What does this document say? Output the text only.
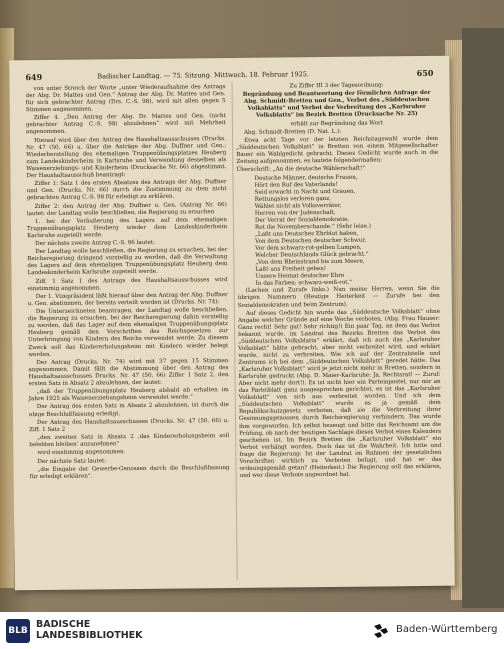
649	Badischer Landtag. — 75. Sitzung. Mittwoch, 18. Februar 1925.	650

von unter Streich der Worte „unter Wiederaufnahme des Antrags der Abg. Dr. Mattes und Gen.“ Antrag der Abg. Dr. Mattes und Gen. für sich gebrachter Antrag (Drs. C.-S. 98), wird mit allen gegen 5 Stimmen angenommen.

Ziffer 4. „Den Antrag der Abg. Dr. Mattes und Gen. (nicht gebrachter Antrag C.-S. 98) abzulehnen“ wird mit Mehrheit angenommen.

Hierauf wird über den Antrag des Haushaltsausschusses (Drucks. Nr. 47 (50, 66) u. über die Anträge der Abg. Duffner und Gen.: Wiederherstellung des ehemaligen Truppenübungsplatzes Heuberg zum Landeskinderheim in Karlsruhe und Verwendung desselben als Waisenerziehungs- und Kinderheim (Drucksache Nr. 66) abgestimmt. Der Haushaltsausschuß beantragt:

Ziffer 1: Satz 1 des ersten Absatzes des Antrags der Abg. Duffner und Gen. (Drucks. Nr. 66) durch die Zustimmung zu dem nicht gebrachten Antrag C.-S. 98 für erledigt zu erklären.

Ziffer 2: den Antrag der Abg. Duffner u. Gen. (Antrag Nr. 66) lautet: der Landtag wolle beschließen, die Regierung zu ersuchen

1. bei der Veräußerung des Lagers auf dem ehemaligen Truppenübungsplatz Heuberg wieder dem Landeskinderheim Karlsruhe zugeteilt werde.

Der nächste zweite Antrag C.-S. 96 lautet:

Der Landtag wolle beschließen, die Regierung zu ersuchen, bei der Reichsregierung dringend vorstellig zu werden, daß die Verwaltung des Lagers auf dem ehemaligen Truppenübungsplatz Heuberg dem Landeskinderheim Karlsruhe zugeteilt werde.

Ziff. 1 Satz 1 des Antrags des Haushaltsausschusses wird einstimmig angenommen.

Der 1. Vizepräsident läßt hierauf über den Antrag der Abg. Duffner u. Gen. abstimmen, der bereits verteilt worden ist (Drucks. Nr. 74):

Die Unterzeichneten beantragen, der Landtag wolle beschließen, die Regierung zu ersuchen, bei der Reichsregierung dahin vorstellig zu werden, daß das Lager auf dem ehemaligen Truppenübungsplatz Heuberg gemäß den Vorschriften des Reichsgesetzes zur Unterbringung von Kindern des Reichs verwendet werde. Zu diesem Zweck soll das Kindererholungsheim mit Kindern wieder belegt werden.

Der Antrag (Drucks. Nr. 74) wird mit 37 gegen 15 Stimmen angenommen. Damit fällt die Abstimmung über den Antrag des Haushaltsausschusses Drucks. Nr. 47 (50, 66) Ziffer 1 Satz 2, den ersten Satz in Absatz 2 abzulehnen, der lautet:

„daß der Truppenübungsplatz Heuberg alsbald ab erhalten im Jahre 1925 als Waisenerziehungsheim verwendet werde.“

Der Antrag des ersten Satz in Absatz 2 abzulehnen, ist durch die obige Beschlußfassung erledigt.

Der Antrag des Haushaltsausschusses (Drucks. Nr. 47 (50, 66) u. Ziff. 1 Satz 2

„den zweiten Satz in Absatz 2 ‚das Kindererholungsheim soll belebten bleiben‘ anzunehmen“

wird einstimmig angenommen.

Der nächste Satz lautet:

„die Eingabe der Gewerbe-Genossen durch die Beschlußfassung für erledigt erklären“.

Zu Ziffer III 3 der Tagesordnung:

Begründung und Beantwortung der förmlichen Anfrage der Abg. Schmidt-Bretten und Gen., Verbot des „Süddeutschen Volksblatts“ und Verbot der Verbreitung des „Karlsruher Volksblatts“ im Bezirk Bretten (Drucksache Nr. 25)

erhält zur Begründung das Wort

Abg. Schmidt-Bretten (D. Nat. L.):

Etwa acht Tage vor der letzten Reichstagswahl wurde dem „Süddeutschen Volksblatt“ in Bretten von einem Mitgesellschafter Bauer ein Wahlgedicht gebracht. Dieses Gedicht wurde auch in die Zeitung aufgenommen, es lautete folgendermaßen:

Überschrift: „An die deutsche Wählerschaft!“

Deutsche Männer, deutsche Frauen,

Hört den Ruf des Vaterlands!

Seid erwacht in Nacht und Grauen,

Rettungslos verloren ganz,

Wählet nicht als Volksverräter,

Herren von der Judenschaft,

Der Verrat der Sozialdemokratie,

Rot die Novemberschande.“ (Sehr leise.)

„Laßt uns Deutsches Ehrblut haben,

Von dem Deutschen deutscher Schwur,

Vor dem schwarz-rot-gelben Lumpen,

Welcher Deutschlands Glück gebracht.“

„Von dem Rheinstrand bis zum Meere,

Laßt uns Freiheit geben!

Unsere Heimat deutscher Ehre

In das Farben: schwarz-weiß-rot.“

(Lachen und Zurufe links.) Nun meine Herren, wenn Sie die übrigen Nummern (Heutige Heiterkeit — Zurufe bei den Sozialdemokraten und beim Zentrum).

Auf dieses Gedicht hin wurde das „Süddeutsche Volksblatt“ ohne Angabe welcher Gründe auf eine Woche verboten. (Abg. Frau Hauser: Ganz recht! Sehr gut! Sehr richtig!) Ein paar Tag, an dem das Verbot bekannt wurde, im Landrat des Bezirks Bretten das Verbot des „Süddeutschen Volksblatts“ erklärt, daß ich auch das „Karlsruher Volksblatt“ hätte gebracht, aber nicht verbreitet wird, und erklärt wurde, nicht zu verbreiten. Wie ich auf der Zentralstelle und Zentrums ich bei dem „Süddeutschen Volksblatt“ geredet hätte. Das „Karlsruher Volksblatt“ wird je jetzt nicht mehr in Bretten, sondern in Karlsruhe gedruckt (Abg. D. Maier-Karlsruhe: Ja, Rechtsrat! — Zuruf: Aber nicht mehr dort!). Es ist nicht hier ein Parteiapostel, nur mir an das Parteiblatt ganz ausgesprochen gerichtet, es ist das „Karlsruher Volksblatt“ von sich aus verbreitet worden. Und ich dem „Süddeutschen Volksblatt“ wurde es ja gemäß dem Republikschutzgesetz verboten, daß sie die Verbreitung ihrer Gesinnungsgenossen durch Reichsregierung verhindern. Das wurde ihm vorgeworfen. Ich selbst bezeugt und bitte das Reichsamt um die Prüfung, ob nach der heutigen Sachlage dieses Verbot eines Kalenders geschehen ist. Im Bezirk Bretten die „Karlsruher Volksblatt“ ein Verbot verhängt worden. Doch das ist die Wahrheit. Ich bitte und frage die Regierung: Ist der Landrat im Rahmen der gesetzlichen Vorschriften wirklich zu Verboten befugt, und hat er das ordnungsgemäß getan? (Heiterkeit.) Die Regierung soll das erklären, und wer diese Verbote angeordnet hat.

BLB
BADISCHE
LANDESBIBLIOTHEK
Baden-Württemberg
